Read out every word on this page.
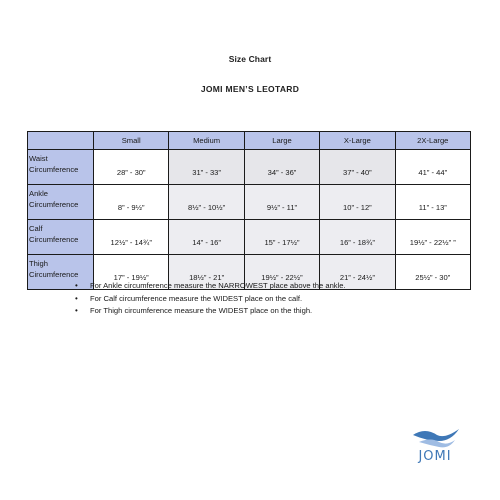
Size Chart
JOMI MEN’S LEOTARD
	Small	Medium	Large	X-Large	2X-Large
Waist
Circumference	28” - 30”	31” - 33”	34” - 36”	37” - 40”	41” - 44”
Ankle
Circumference	8” - 9½”	8½” - 10½”	9½” - 11”	10” - 12”	11” - 13”
Calf
Circumference	12½” - 14¾”	14” - 16”	15” - 17½”	16” - 18¾”	19½” - 22½” ”
Thigh
Circumference	17” - 19½”	18½” - 21”	19½” - 22½”	21” - 24½”	25½” - 30”
• For Ankle circumference measure the NARROWEST place above the ankle.
• For Calf circumference measure the WIDEST place on the calf.
• For Thigh circumference measure the WIDEST place on the thigh.
JOMI
